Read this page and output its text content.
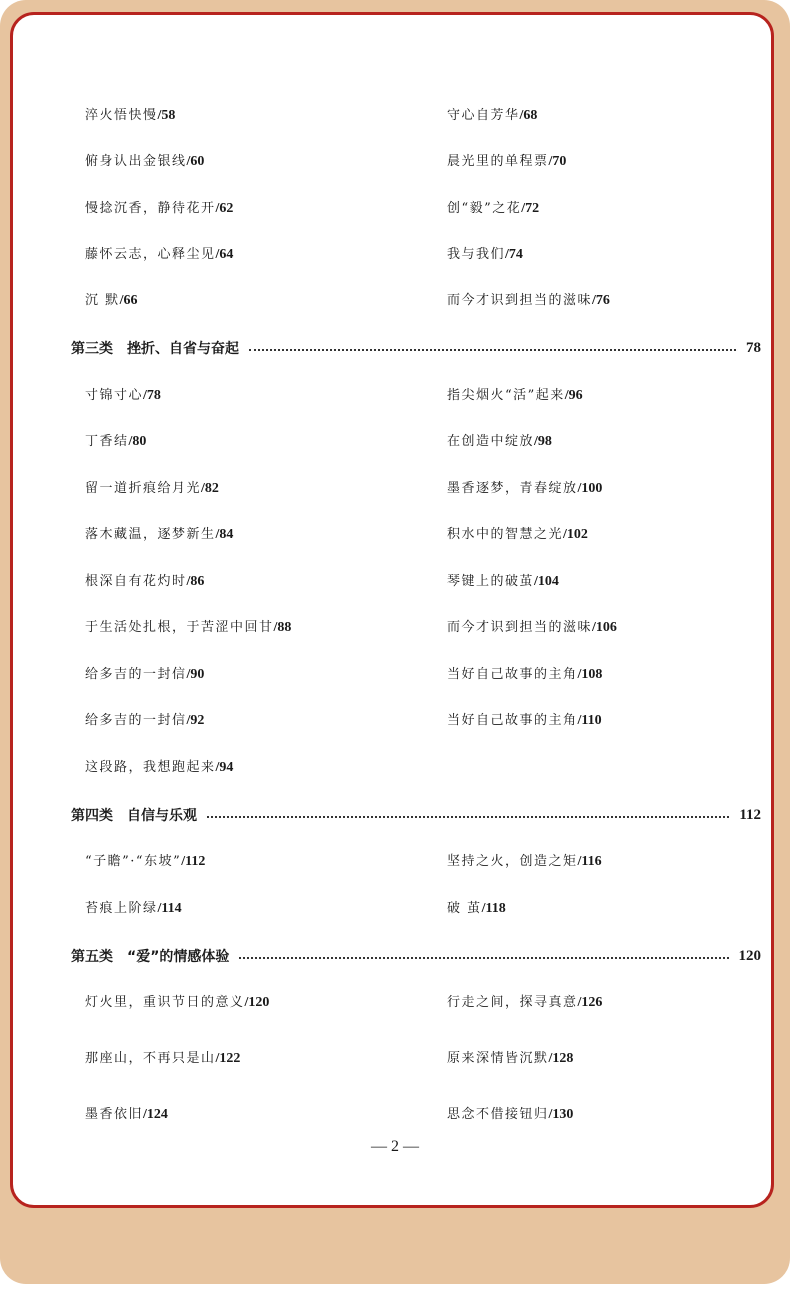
淬火悟快慢/58	守心自芳华/68
俯身认出金银线/60	晨光里的单程票/70
慢捻沉香，静待花开/62	创“毅”之花/72
藤怀云志，心释尘见/64	我与我们/74
沉 默/66	而今才识到担当的滋味/76
第三类 挫折、自省与奋起	78
寸锦寸心/78	指尖烟火“活”起来/96
丁香结/80	在创造中绽放/98
留一道折痕给月光/82	墨香逐梦，青春绽放/100
落木藏温，逐梦新生/84	积水中的智慧之光/102
根深自有花灼时/86	琴键上的破茧/104
于生活处扎根，于苦涩中回甘/88	而今才识到担当的滋味/106
给多吉的一封信/90	当好自己故事的主角/108
给多吉的一封信/92	当好自己故事的主角/110
这段路，我想跑起来/94
第四类 自信与乐观	112
“子瞻”·“东坡”/112	坚持之火，创造之矩/116
苔痕上阶绿/114	破 茧/118
第五类 “爱”的情感体验	120
灯火里，重识节日的意义/120	行走之间，探寻真意/126
那座山，不再只是山/122	原来深情皆沉默/128
墨香依旧/124	思念不借接钮归/130
— 2 —
